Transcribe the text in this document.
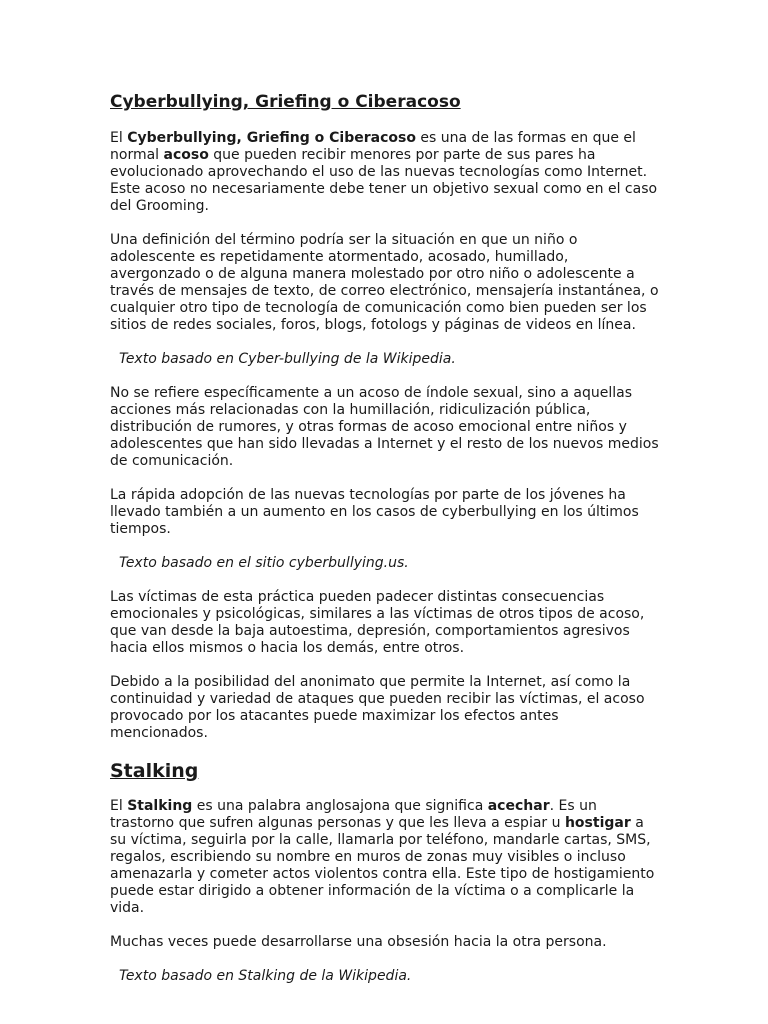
Cyberbullying, Griefing o Ciberacoso

El Cyberbullying, Griefing o Ciberacoso es una de las formas en que el normal acoso que pueden recibir menores por parte de sus pares ha evolucionado aprovechando el uso de las nuevas tecnologías como Internet. Este acoso no necesariamente debe tener un objetivo sexual como en el caso del Grooming.

Una definición del término podría ser la situación en que un niño o adolescente es repetidamente atormentado, acosado, humillado, avergonzado o de alguna manera molestado por otro niño o adolescente a través de mensajes de texto, de correo electrónico, mensajería instantánea, o cualquier otro tipo de tecnología de comunicación como bien pueden ser los sitios de redes sociales, foros, blogs, fotologs y páginas de videos en línea.

Texto basado en Cyber-bullying de la Wikipedia.

No se refiere específicamente a un acoso de índole sexual, sino a aquellas acciones más relacionadas con la humillación, ridiculización pública, distribución de rumores, y otras formas de acoso emocional entre niños y adolescentes que han sido llevadas a Internet y el resto de los nuevos medios de comunicación.

La rápida adopción de las nuevas tecnologías por parte de los jóvenes ha llevado también a un aumento en los casos de cyberbullying en los últimos tiempos.

Texto basado en el sitio cyberbullying.us.

Las víctimas de esta práctica pueden padecer distintas consecuencias emocionales y psicológicas, similares a las víctimas de otros tipos de acoso, que van desde la baja autoestima, depresión, comportamientos agresivos hacia ellos mismos o hacia los demás, entre otros.

Debido a la posibilidad del anonimato que permite la Internet, así como la continuidad y variedad de ataques que pueden recibir las víctimas, el acoso provocado por los atacantes puede maximizar los efectos antes mencionados.

Stalking

El Stalking es una palabra anglosajona que significa acechar. Es un trastorno que sufren algunas personas y que les lleva a espiar u hostigar a su víctima, seguirla por la calle, llamarla por teléfono, mandarle cartas, SMS, regalos, escribiendo su nombre en muros de zonas muy visibles o incluso amenazarla y cometer actos violentos contra ella. Este tipo de hostigamiento puede estar dirigido a obtener información de la víctima o a complicarle la vida.

Muchas veces puede desarrollarse una obsesión hacia la otra persona.

Texto basado en Stalking de la Wikipedia.
